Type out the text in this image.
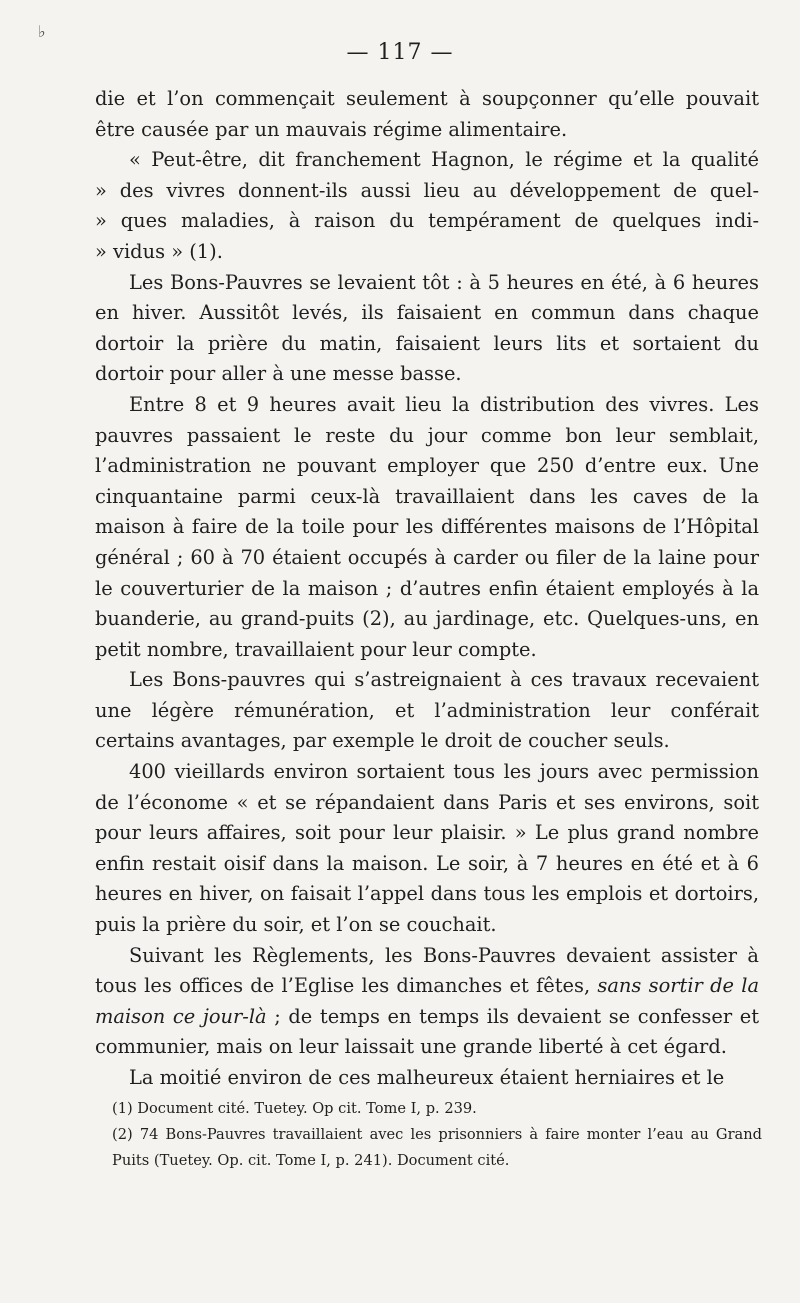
♭
— 117 —

die et l’on commençait seulement à soupçonner qu’elle pouvait être causée par un mauvais régime alimentaire.

« Peut-être, dit franchement Hagnon, le régime et la qualité
» des vivres donnent-ils aussi lieu au développement de quel-
» ques maladies, à raison du tempérament de quelques indi-
» vidus » (1).

Les Bons-Pauvres se levaient tôt : à 5 heures en été, à 6 heures en hiver. Aussitôt levés, ils faisaient en commun dans chaque dortoir la prière du matin, faisaient leurs lits et sortaient du dortoir pour aller à une messe basse.

Entre 8 et 9 heures avait lieu la distribution des vivres. Les pauvres passaient le reste du jour comme bon leur semblait, l’administration ne pouvant employer que 250 d’entre eux. Une cinquantaine parmi ceux-là travaillaient dans les caves de la maison à faire de la toile pour les différentes maisons de l’Hôpital général ; 60 à 70 étaient occupés à carder ou filer de la laine pour le couverturier de la maison ; d’autres enfin étaient employés à la buanderie, au grand-puits (2), au jardinage, etc. Quelques-uns, en petit nombre, travaillaient pour leur compte.

Les Bons-pauvres qui s’astreignaient à ces travaux recevaient une légère rémunération, et l’administration leur conférait certains avantages, par exemple le droit de coucher seuls.

400 vieillards environ sortaient tous les jours avec permission de l’économe « et se répandaient dans Paris et ses environs, soit pour leurs affaires, soit pour leur plaisir. » Le plus grand nombre enfin restait oisif dans la maison. Le soir, à 7 heures en été et à 6 heures en hiver, on faisait l’appel dans tous les emplois et dortoirs, puis la prière du soir, et l’on se couchait.

Suivant les Règlements, les Bons-Pauvres devaient assister à tous les offices de l’Eglise les dimanches et fêtes, sans sortir de la maison ce jour-là ; de temps en temps ils devaient se confesser et communier, mais on leur laissait une grande liberté à cet égard.

La moitié environ de ces malheureux étaient herniaires et le

(1) Document cité. Tuetey. Op cit. Tome I, p. 239.

(2) 74 Bons-Pauvres travaillaient avec les prisonniers à faire monter l’eau au Grand Puits (Tuetey. Op. cit. Tome I, p. 241). Document cité.
